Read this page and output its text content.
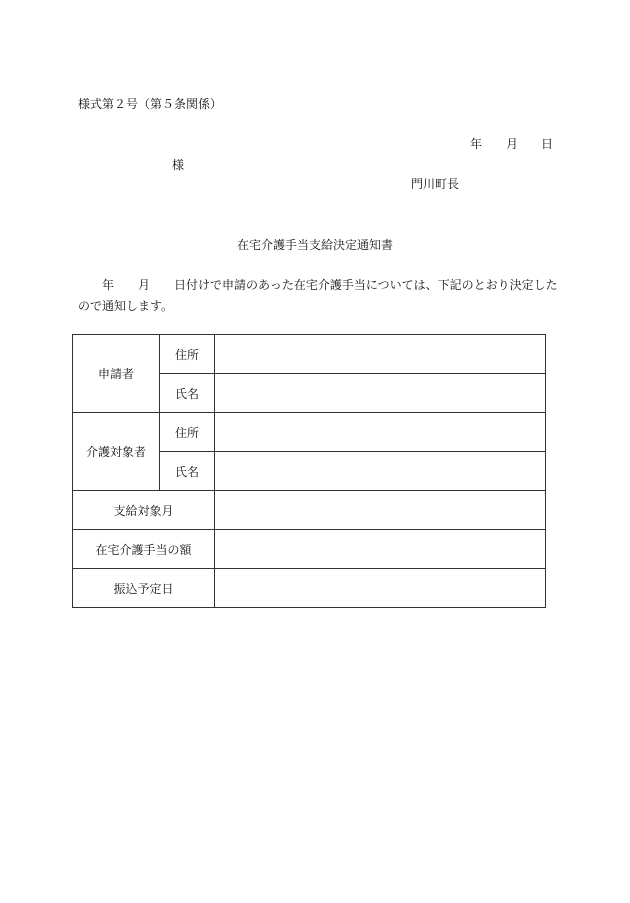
様式第２号（第５条関係）
年 月 日
様
門川町長
在宅介護手当支給決定通知書
年 月 日付けで申請のあった在宅介護手当については、下記のとおり決定した
ので通知します。
申請者	住所	
	氏名	
介護対象者	住所	
	氏名	
支給対象月		
在宅介護手当の額		
振込予定日		
